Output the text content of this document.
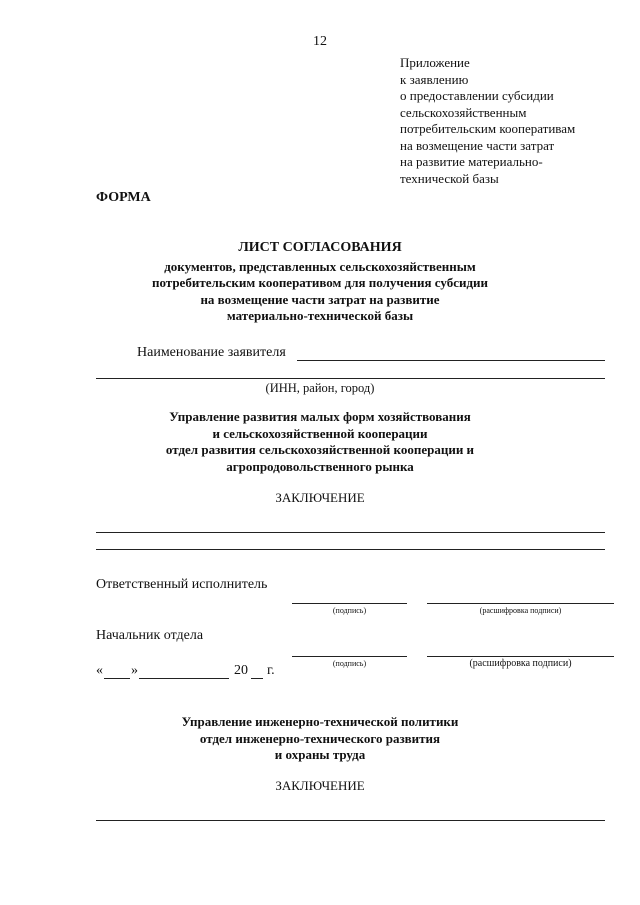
12
Приложение
к заявлению
о предоставлении субсидии
сельскохозяйственным
потребительским кооперативам
на возмещение части затрат
на развитие материально-
технической базы
ФОРМА
ЛИСТ СОГЛАСОВАНИЯ
документов, представленных сельскохозяйственным
потребительским кооперативом для получения субсидии
на возмещение части затрат на развитие
материально-технической базы
Наименование заявителя
(ИНН, район, город)
Управление развития малых форм хозяйствования
и сельскохозяйственной кооперации
отдел развития сельскохозяйственной кооперации и
агропродовольственного рынка
ЗАКЛЮЧЕНИЕ
Ответственный исполнитель
(подпись)	(расшифровка подписи)
Начальник отдела
(подпись)	(расшифровка подписи)
« »	20 г.
Управление инженерно-технической политики
отдел инженерно-технического развития
и охраны труда
ЗАКЛЮЧЕНИЕ
